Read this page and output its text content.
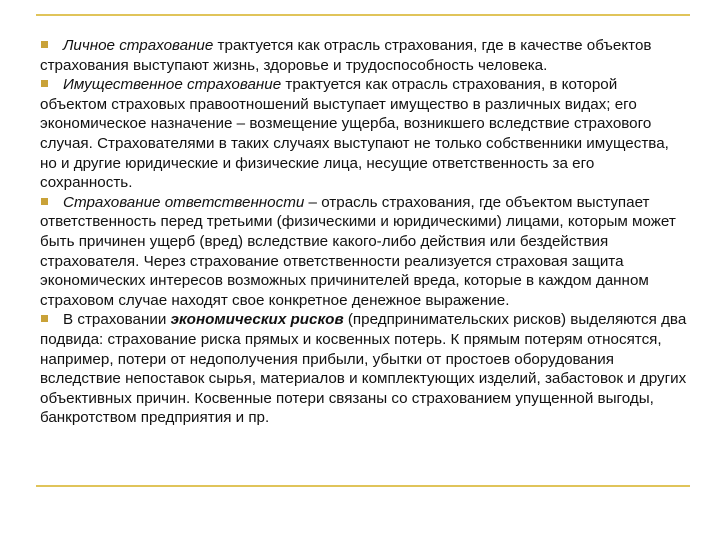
Личное страхование трактуется как отрасль страхования, где в качестве объектов страхования выступают жизнь, здоровье и трудоспособность человека.

Имущественное страхование трактуется как отрасль страхования, в которой объектом страховых правоотношений выступает имущество в различных видах; его экономическое назначение – возмещение ущерба, возникшего вследствие страхового случая. Страхователями в таких случаях выступают не только собственники имущества, но и другие юридические и физические лица, несущие ответственность за его сохранность.

Страхование ответственности – отрасль страхования, где объектом выступает ответственность перед третьими (физическими и юридическими) лицами, которым может быть причинен ущерб (вред) вследствие какого-либо действия или бездействия страхователя. Через страхование ответственности реализуется страховая защита экономических интересов возможных причинителей вреда, которые в каждом данном страховом случае находят свое конкретное денежное выражение.

В страховании экономических рисков (предпринимательских рисков) выделяются два подвида: страхование риска прямых и косвенных потерь. К прямым потерям относятся, например, потери от недополучения прибыли, убытки от простоев оборудования вследствие непоставок сырья, материалов и комплектующих изделий, забастовок и других объективных причин. Косвенные потери связаны со страхованием упущенной выгоды, банкротством предприятия и пр.
